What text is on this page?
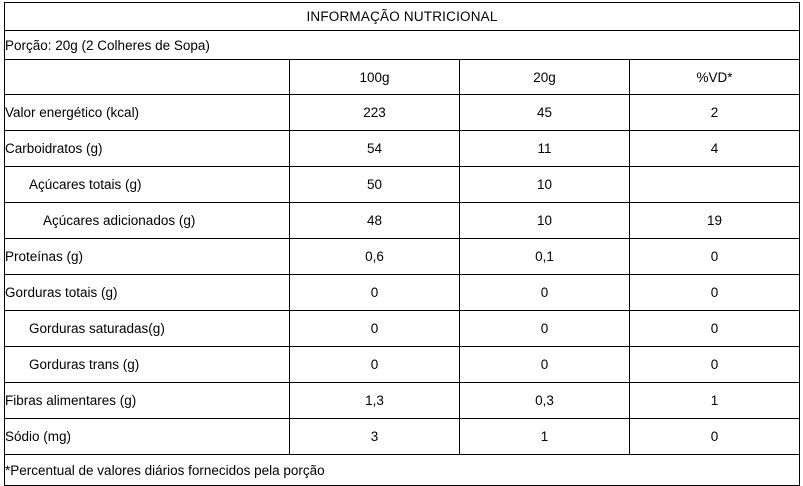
INFORMAÇÃO NUTRICIONAL			
Porção: 20g (2 Colheres de Sopa)			
	100g	20g	%VD*
Valor energético (kcal)	223	45	2
Carboidratos (g)	54	11	4
Açúcares totais (g)	50	10	
Açúcares adicionados (g)	48	10	19
Proteínas (g)	0,6	0,1	0
Gorduras totais (g)	0	0	0
Gorduras saturadas(g)	0	0	0
Gorduras trans (g)	0	0	0
Fibras alimentares (g)	1,3	0,3	1
Sódio (mg)	3	1	0
*Percentual de valores diários fornecidos pela porção			
